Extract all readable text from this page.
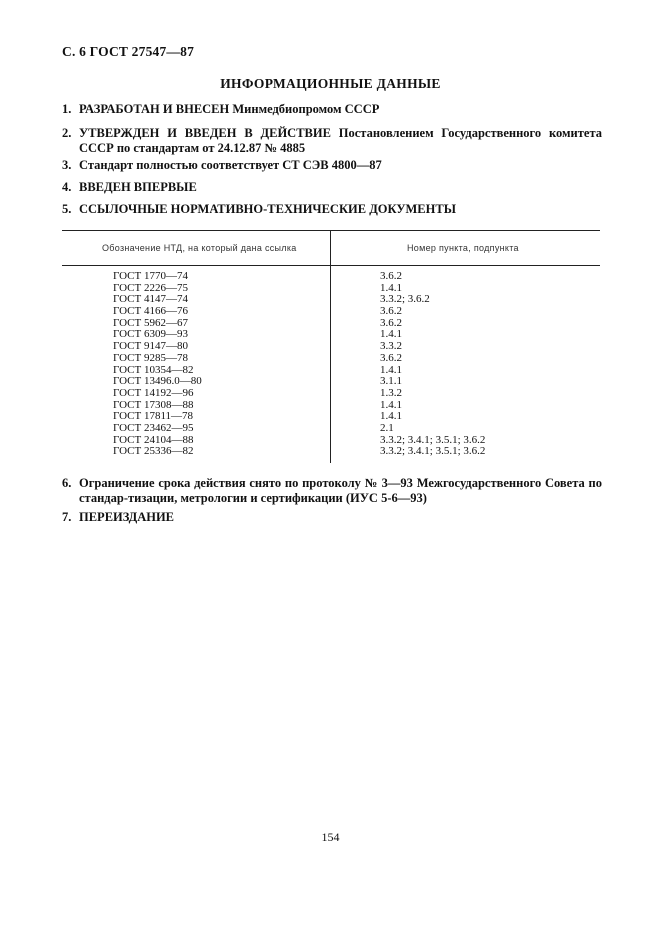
С. 6 ГОСТ 27547—87
ИНФОРМАЦИОННЫЕ ДАННЫЕ
1. РАЗРАБОТАН И ВНЕСЕН Минмедбиопромом СССР
2. УТВЕРЖДЕН И ВВЕДЕН В ДЕЙСТВИЕ Постановлением Государственного комитета СССР по стандартам от 24.12.87 № 4885
3. Стандарт полностью соответствует СТ СЭВ 4800—87
4. ВВЕДЕН ВПЕРВЫЕ
5. ССЫЛОЧНЫЕ НОРМАТИВНО-ТЕХНИЧЕСКИЕ ДОКУМЕНТЫ
Обозначение НТД, на который дана ссылка	Номер пункта, подпункта
ГОСТ 1770—74	3.6.2
ГОСТ 2226—75	1.4.1
ГОСТ 4147—74	3.3.2; 3.6.2
ГОСТ 4166—76	3.6.2
ГОСТ 5962—67	3.6.2
ГОСТ 6309—93	1.4.1
ГОСТ 9147—80	3.3.2
ГОСТ 9285—78	3.6.2
ГОСТ 10354—82	1.4.1
ГОСТ 13496.0—80	3.1.1
ГОСТ 14192—96	1.3.2
ГОСТ 17308—88	1.4.1
ГОСТ 17811—78	1.4.1
ГОСТ 23462—95	2.1
ГОСТ 24104—88	3.3.2; 3.4.1; 3.5.1; 3.6.2
ГОСТ 25336—82	3.3.2; 3.4.1; 3.5.1; 3.6.2
6. Ограничение срока действия снято по протоколу № 3—93 Межгосударственного Совета по стандар-тизации, метрологии и сертификации (ИУС 5-6—93)
7. ПЕРЕИЗДАНИЕ
154
